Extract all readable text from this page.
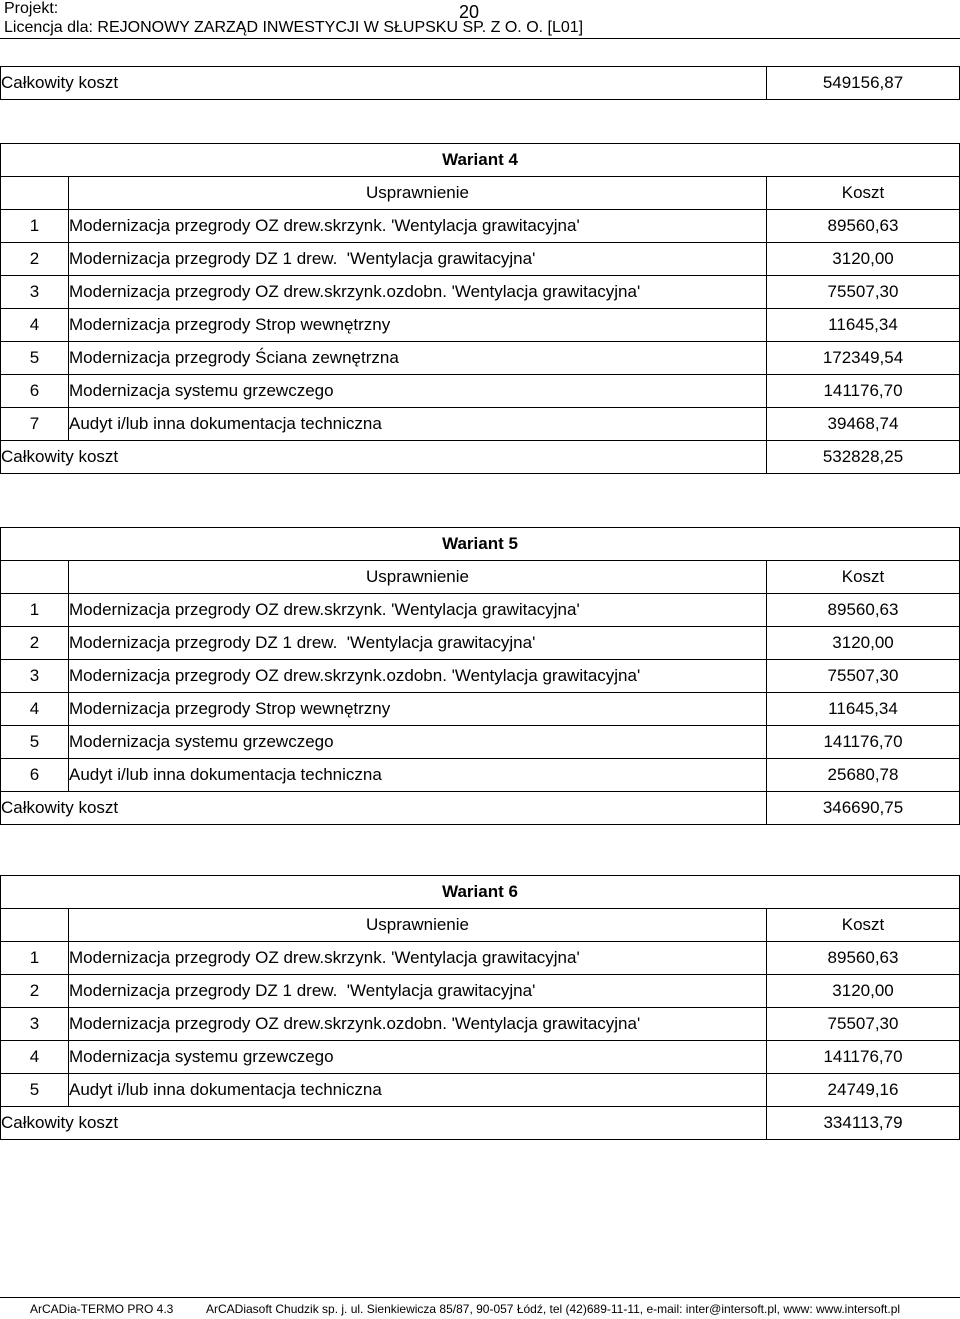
Projekt:	20
Licencja dla: REJONOWY ZARZĄD INWESTYCJI W SŁUPSKU SP. Z O. O. [L01]
Całkowity koszt	549156,87
Wariant 4		
	Usprawnienie	Koszt
1	Modernizacja przegrody OZ drew.skrzynk. 'Wentylacja grawitacyjna'	89560,63
2	Modernizacja przegrody DZ 1 drew.  'Wentylacja grawitacyjna'	3120,00
3	Modernizacja przegrody OZ drew.skrzynk.ozdobn. 'Wentylacja grawitacyjna'	75507,30
4	Modernizacja przegrody Strop wewnętrzny	11645,34
5	Modernizacja przegrody Ściana zewnętrzna	172349,54
6	Modernizacja systemu grzewczego	141176,70
7	Audyt i/lub inna dokumentacja techniczna	39468,74
Całkowity koszt		532828,25
Wariant 5		
	Usprawnienie	Koszt
1	Modernizacja przegrody OZ drew.skrzynk. 'Wentylacja grawitacyjna'	89560,63
2	Modernizacja przegrody DZ 1 drew.  'Wentylacja grawitacyjna'	3120,00
3	Modernizacja przegrody OZ drew.skrzynk.ozdobn. 'Wentylacja grawitacyjna'	75507,30
4	Modernizacja przegrody Strop wewnętrzny	11645,34
5	Modernizacja systemu grzewczego	141176,70
6	Audyt i/lub inna dokumentacja techniczna	25680,78
Całkowity koszt		346690,75
Wariant 6		
	Usprawnienie	Koszt
1	Modernizacja przegrody OZ drew.skrzynk. 'Wentylacja grawitacyjna'	89560,63
2	Modernizacja przegrody DZ 1 drew.  'Wentylacja grawitacyjna'	3120,00
3	Modernizacja przegrody OZ drew.skrzynk.ozdobn. 'Wentylacja grawitacyjna'	75507,30
4	Modernizacja systemu grzewczego	141176,70
5	Audyt i/lub inna dokumentacja techniczna	24749,16
Całkowity koszt		334113,79
ArCADia-TERMO PRO 4.3	ArCADiasoft Chudzik sp. j. ul. Sienkiewicza 85/87, 90-057 Łódź, tel (42)689-11-11, e-mail: inter@intersoft.pl, www: www.intersoft.pl
